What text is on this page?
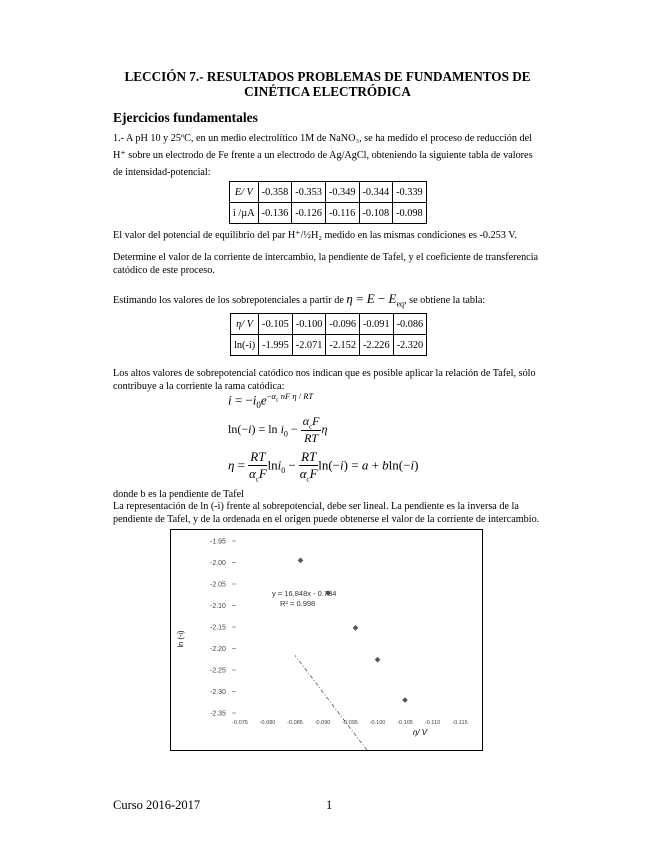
LECCIÓN 7.- RESULTADOS PROBLEMAS DE FUNDAMENTOS DE
CINÉTICA ELECTRÓDICA
Ejercicios fundamentales
1.- A pH 10 y 25ºC, en un medio electrolítico 1M de NaNO₃, se ha medido el proceso de reducción del H⁺ sobre un electrodo de Fe frente a un electrodo de Ag/AgCl, obteniendo la siguiente tabla de valores de intensidad-potencial:
E/ V	-0.358	-0.353	-0.349	-0.344	-0.339
i /µA	-0.136	-0.126	-0.116	-0.108	-0.098
El valor del potencial de equilibrio del par H⁺/½H₂ medido en las mismas condiciones es -0.253 V.
Determine el valor de la corriente de intercambio, la pendiente de Tafel, y el coeficiente de transferencia catódico de este proceso.
Estimando los valores de los sobrepotenciales a partir de $\eta = E - E_{eq}$, se obtiene la tabla:
η/ V	-0.105	-0.100	-0.096	-0.091	-0.086
ln(-i)	-1.995	-2.071	-2.152	-2.226	-2.320
Los altos valores de sobrepotencial catódico nos indican que es posible aplicar la relación de Tafel, sólo contribuye a la corriente la rama catódica:
$i = -i_0e^{-\alpha_c nF \eta / RT}$
$\ln(-i) = \ln i_0 - \frac{\alpha_cF}{RT}$ η
$\eta = \frac{RT}{\alpha_cF} \ln i_0 - \frac{RT}{\alpha_cF} \ln(-i) = a + bln(-i)$
donde b es la pendiente de Tafel
La representación de ln (-i) frente al sobrepotencial, debe ser lineal. La pendiente es la inversa de la pendiente de Tafel, y de la ordenada en el origen puede obtenerse el valor de la corriente de intercambio.
-1.95
-2.00
-2.05
-2.10
-2.15
-2.20
-2.25
-2.30
-2.35
-0.075 -0.080 -0.085 -0.090 -0.095 -0.100 -0.105 -0.110 -0.115
ln (-i)
η/ V
y = 16.848x - 0.784
R² = 0.998
Curso 2016-2017	1
